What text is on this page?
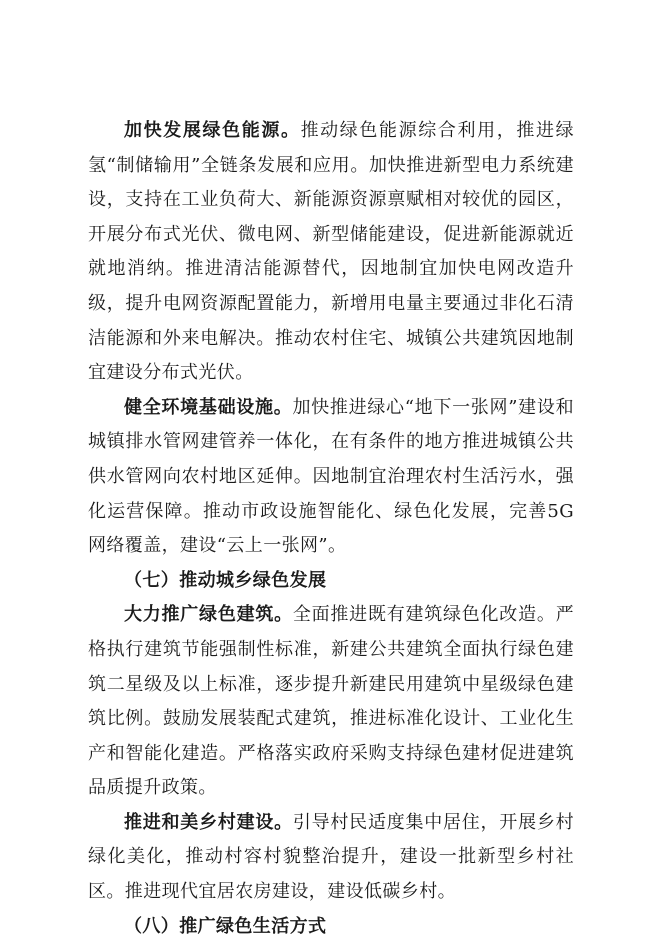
加快发展绿色能源。推动绿色能源综合利用，推进绿氢“制储输用”全链条发展和应用。加快推进新型电力系统建设，支持在工业负荷大、新能源资源禀赋相对较优的园区，开展分布式光伏、微电网、新型储能建设，促进新能源就近就地消纳。推进清洁能源替代，因地制宜加快电网改造升级，提升电网资源配置能力，新增用电量主要通过非化石清洁能源和外来电解决。推动农村住宅、城镇公共建筑因地制宜建设分布式光伏。

健全环境基础设施。加快推进绿心“地下一张网”建设和城镇排水管网建管养一体化，在有条件的地方推进城镇公共供水管网向农村地区延伸。因地制宜治理农村生活污水，强化运营保障。推动市政设施智能化、绿色化发展，完善5G网络覆盖，建设“云上一张网”。

（七）推动城乡绿色发展

大力推广绿色建筑。全面推进既有建筑绿色化改造。严格执行建筑节能强制性标准，新建公共建筑全面执行绿色建筑二星级及以上标准，逐步提升新建民用建筑中星级绿色建筑比例。鼓励发展装配式建筑，推进标准化设计、工业化生产和智能化建造。严格落实政府采购支持绿色建材促进建筑品质提升政策。

推进和美乡村建设。引导村民适度集中居住，开展乡村绿化美化，推动村容村貌整治提升，建设一批新型乡村社区。推进现代宜居农房建设，建设低碳乡村。

（八）推广绿色生活方式
